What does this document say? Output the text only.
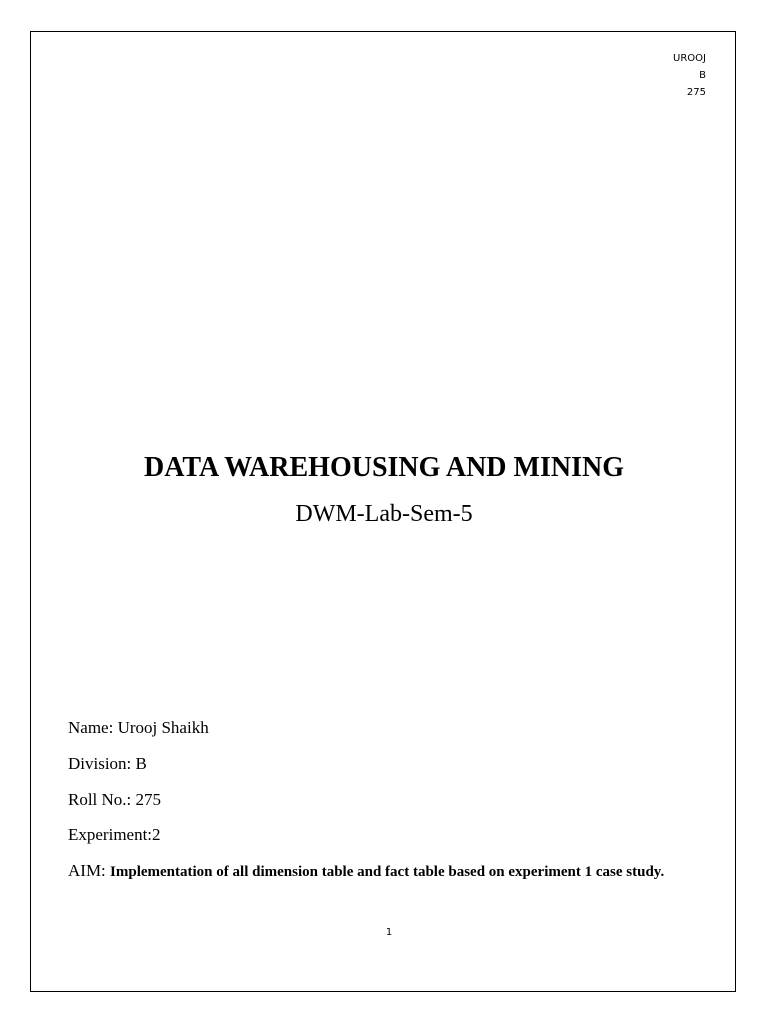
UROOJ
B
275
DATA WAREHOUSING AND MINING
DWM-Lab-Sem-5
Name: Urooj Shaikh
Division: B
Roll No.: 275
Experiment:2
AIM: Implementation of all dimension table and fact table based on experiment 1 case study.
1
